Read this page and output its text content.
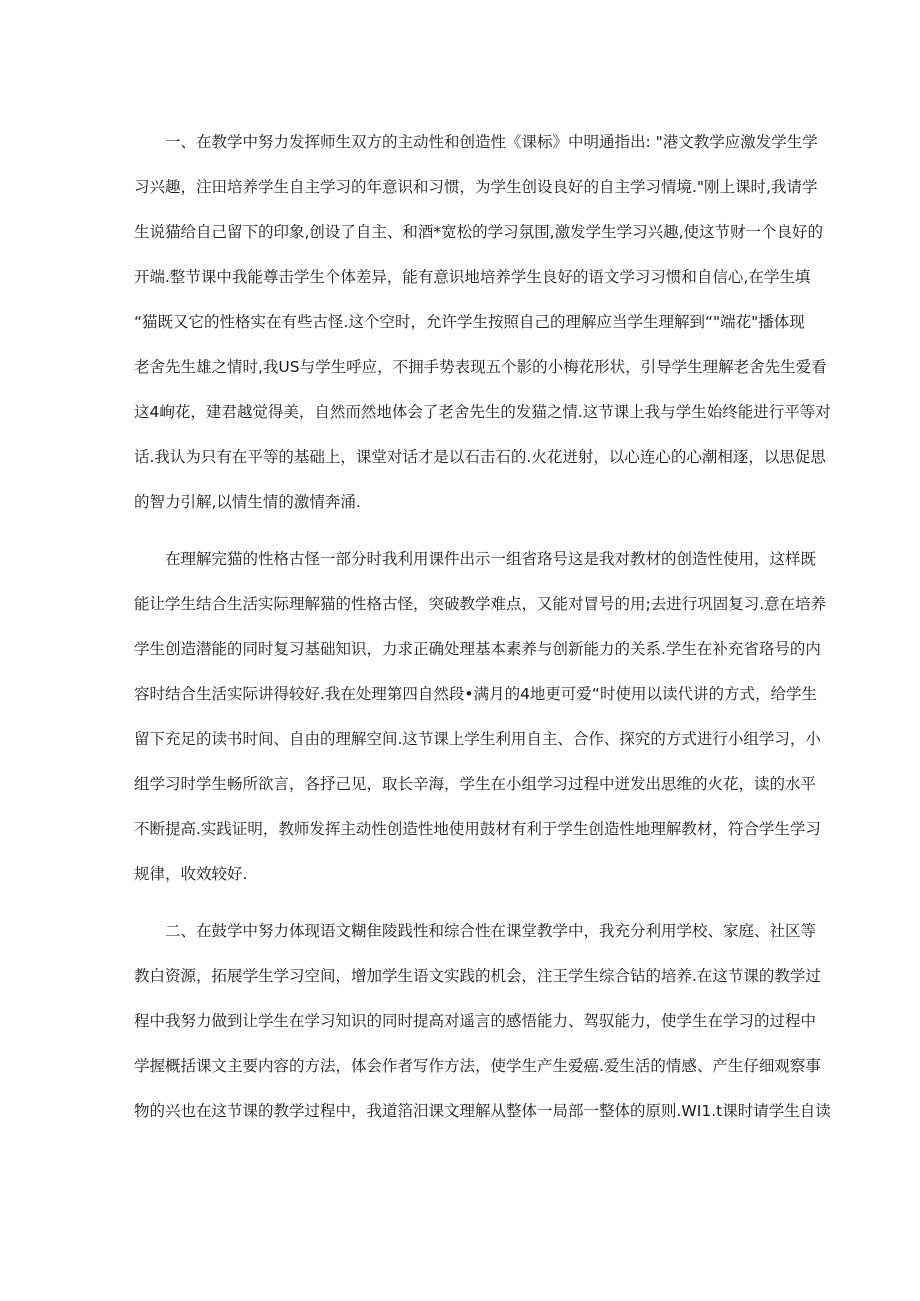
一、在教学中努力发挥师生双方的主动性和创造性《课标》中明通指出: "港文教学应激发学生学
习兴趣，注田培养学生自主学习的年意识和习惯，为学生创设良好的自主学习情境."刚上课时,我请学
生说猫给自己留下的印象,创设了自主、和酒*宽松的学习氛围,激发学生学习兴趣,使这节财一个良好的
开端.整节课中我能尊击学生个体差异，能有意识地培养学生良好的语文学习习惯和自信心,在学生填
“猫既又它的性格实在有些古怪.这个空时，允许学生按照自己的理解应当学生理解到“"端花"播体现
老舍先生雄之情时,我US与学生呼应，不拥手势表现五个影的小梅花形状，引导学生理解老舍先生爱看
这4峋花，建君越觉得美，自然而然地体会了老舍先生的发猫之情.这节课上我与学生始终能进行平等对
话.我认为只有在平等的基础上，课堂对话才是以石击石的.火花迸射，以心连心的心潮相逐，以思促思
的智力引解,以情生情的激情奔涌.
在理解完猫的性格古怪一部分时我利用课件出示一组省珞号这是我对教材的创造性使用，这样既
能让学生结合生活实际理解猫的性格古怪，突破教学难点，又能对冒号的用;去进行巩固复习.意在培养
学生创造潜能的同时复习基础知识，力求正确处理基本素养与创新能力的关系.学生在补充省珞号的内
容时结合生活实际讲得较好.我在处理第四自然段•满月的4地更可爱“时使用以读代讲的方式，给学生
留下充足的读书时间、自由的理解空间.这节课上学生利用自主、合作、探究的方式进行小组学习，小
组学习时学生畅所欲言，各抒己见，取长辛海，学生在小组学习过程中迸发出思维的火花，读的水平
不断提高.实践证明，教师发挥主动性创造性地使用鼓材有利于学生创造性地理解教材，符合学生学习
规律，收效较好.
二、在鼓学中努力体现语文糊隹陵践性和综合性在课堂教学中，我充分利用学校、家庭、社区等
教白资源，拓展学生学习空间，增加学生语文实践的机会，注王学生综合钻的培养.在这节课的教学过
程中我努力做到让学生在学习知识的同时提高对遥言的感悟能力、驾驭能力，使学生在学习的过程中
学握概括课文主要内容的方法，体会作者写作方法，使学生产生爱癌.爱生活的情感、产生仔细观察事
物的兴也在这节课的教学过程中，我道箔汨课文理解从整体一局部一整体的原则.WI1.t课时请学生自读
